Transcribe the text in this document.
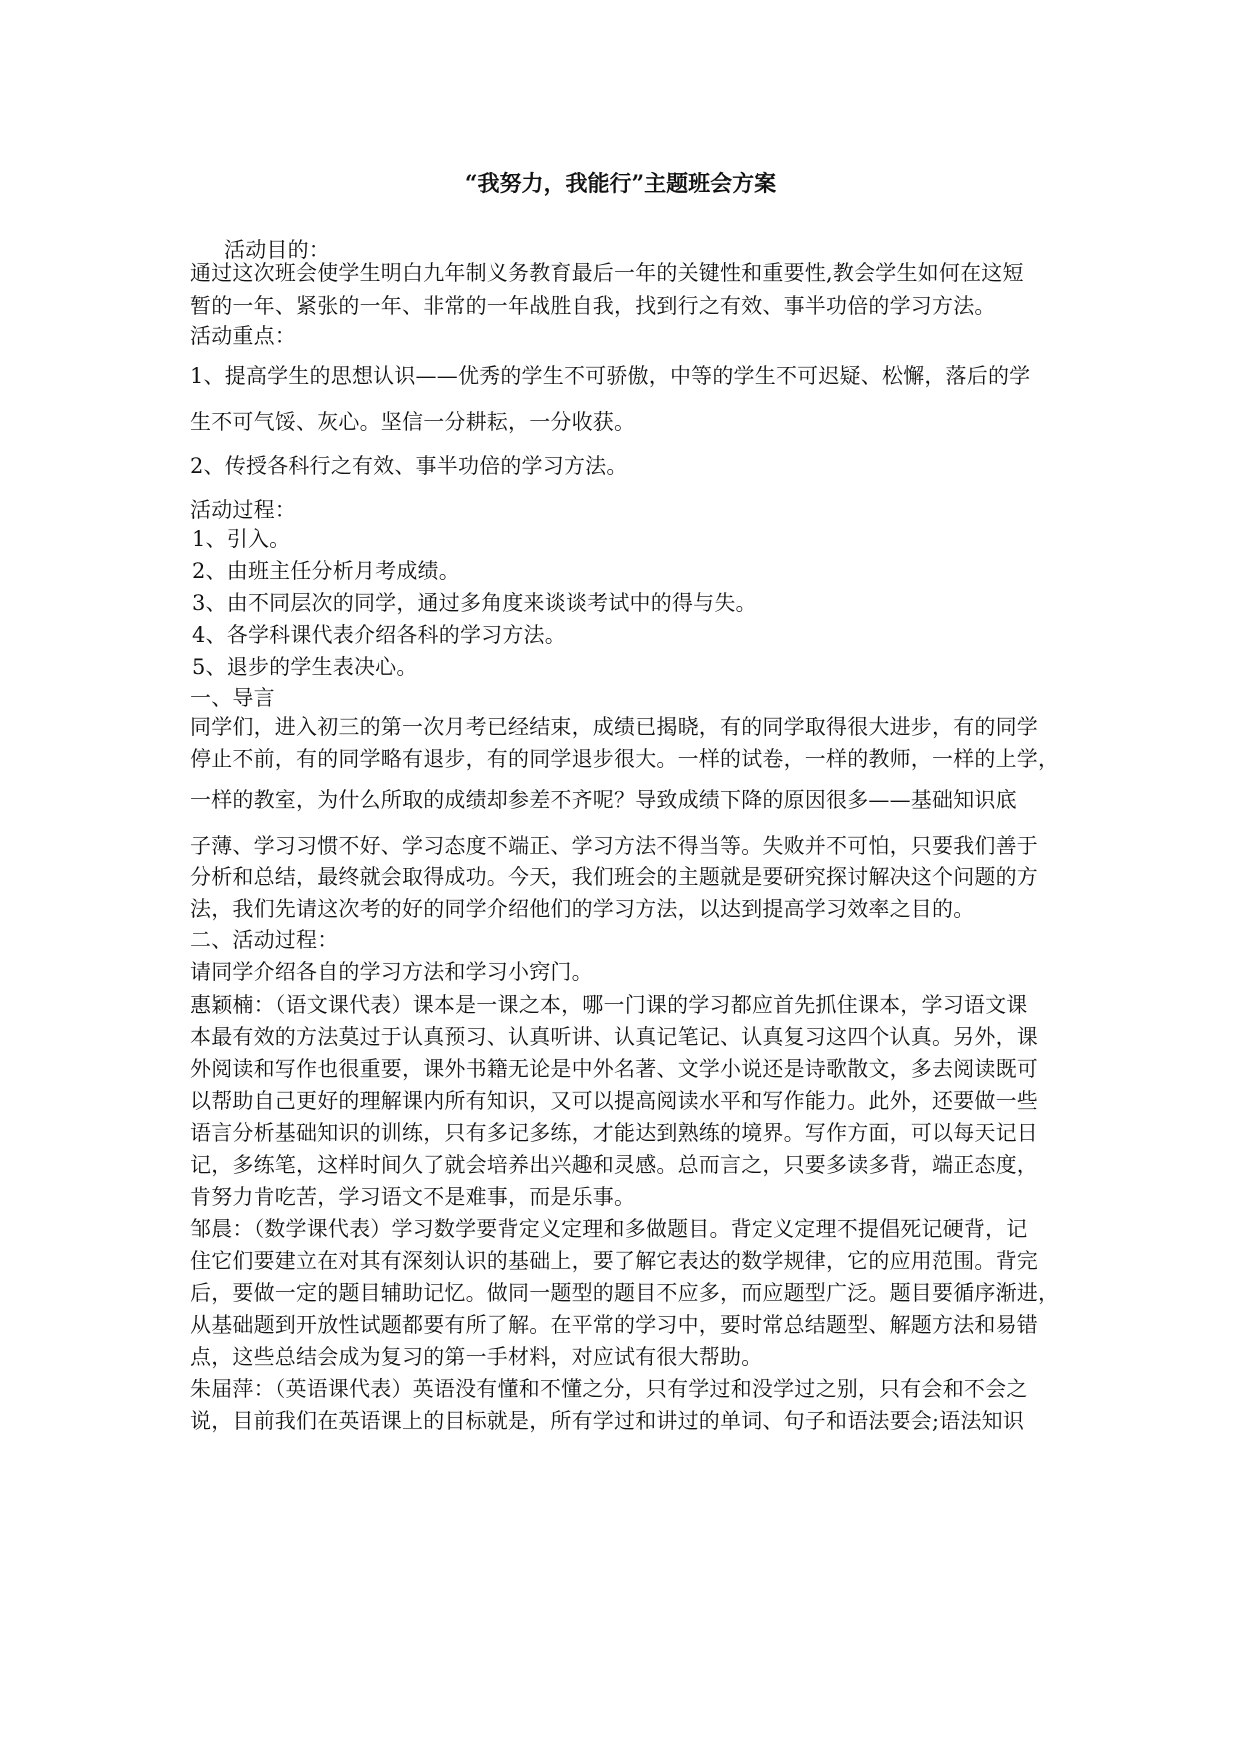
“我努力，我能行”主题班会方案
活动目的：
通过这次班会使学生明白九年制义务教育最后一年的关键性和重要性,教会学生如何在这短
暂的一年、紧张的一年、非常的一年战胜自我，找到行之有效、事半功倍的学习方法。
活动重点：
1、提高学生的思想认识——优秀的学生不可骄傲，中等的学生不可迟疑、松懈，落后的学
生不可气馁、灰心。坚信一分耕耘，一分收获。
2、传授各科行之有效、事半功倍的学习方法。
活动过程：
1、引入。
2、由班主任分析月考成绩。
3、由不同层次的同学，通过多角度来谈谈考试中的得与失。
4、各学科课代表介绍各科的学习方法。
5、退步的学生表决心。
一、导言
同学们，进入初三的第一次月考已经结束，成绩已揭晓，有的同学取得很大进步，有的同学
停止不前，有的同学略有退步，有的同学退步很大。一样的试卷，一样的教师，一样的上学，
一样的教室，为什么所取的成绩却参差不齐呢？导致成绩下降的原因很多——基础知识底
子薄、学习习惯不好、学习态度不端正、学习方法不得当等。失败并不可怕，只要我们善于
分析和总结，最终就会取得成功。今天，我们班会的主题就是要研究探讨解决这个问题的方
法，我们先请这次考的好的同学介绍他们的学习方法，以达到提高学习效率之目的。
二、活动过程：
请同学介绍各自的学习方法和学习小窍门。
惠颖楠：（语文课代表）课本是一课之本，哪一门课的学习都应首先抓住课本，学习语文课
本最有效的方法莫过于认真预习、认真听讲、认真记笔记、认真复习这四个认真。另外，课
外阅读和写作也很重要，课外书籍无论是中外名著、文学小说还是诗歌散文，多去阅读既可
以帮助自己更好的理解课内所有知识，又可以提高阅读水平和写作能力。此外，还要做一些
语言分析基础知识的训练，只有多记多练，才能达到熟练的境界。写作方面，可以每天记日
记，多练笔，这样时间久了就会培养出兴趣和灵感。总而言之，只要多读多背，端正态度，
肯努力肯吃苦，学习语文不是难事，而是乐事。
邹晨：（数学课代表）学习数学要背定义定理和多做题目。背定义定理不提倡死记硬背，记
住它们要建立在对其有深刻认识的基础上，要了解它表达的数学规律，它的应用范围。背完
后，要做一定的题目辅助记忆。做同一题型的题目不应多，而应题型广泛。题目要循序渐进，
从基础题到开放性试题都要有所了解。在平常的学习中，要时常总结题型、解题方法和易错
点，这些总结会成为复习的第一手材料，对应试有很大帮助。
朱届萍：（英语课代表）英语没有懂和不懂之分，只有学过和没学过之别，只有会和不会之
说，目前我们在英语课上的目标就是，所有学过和讲过的单词、句子和语法要会;语法知识
